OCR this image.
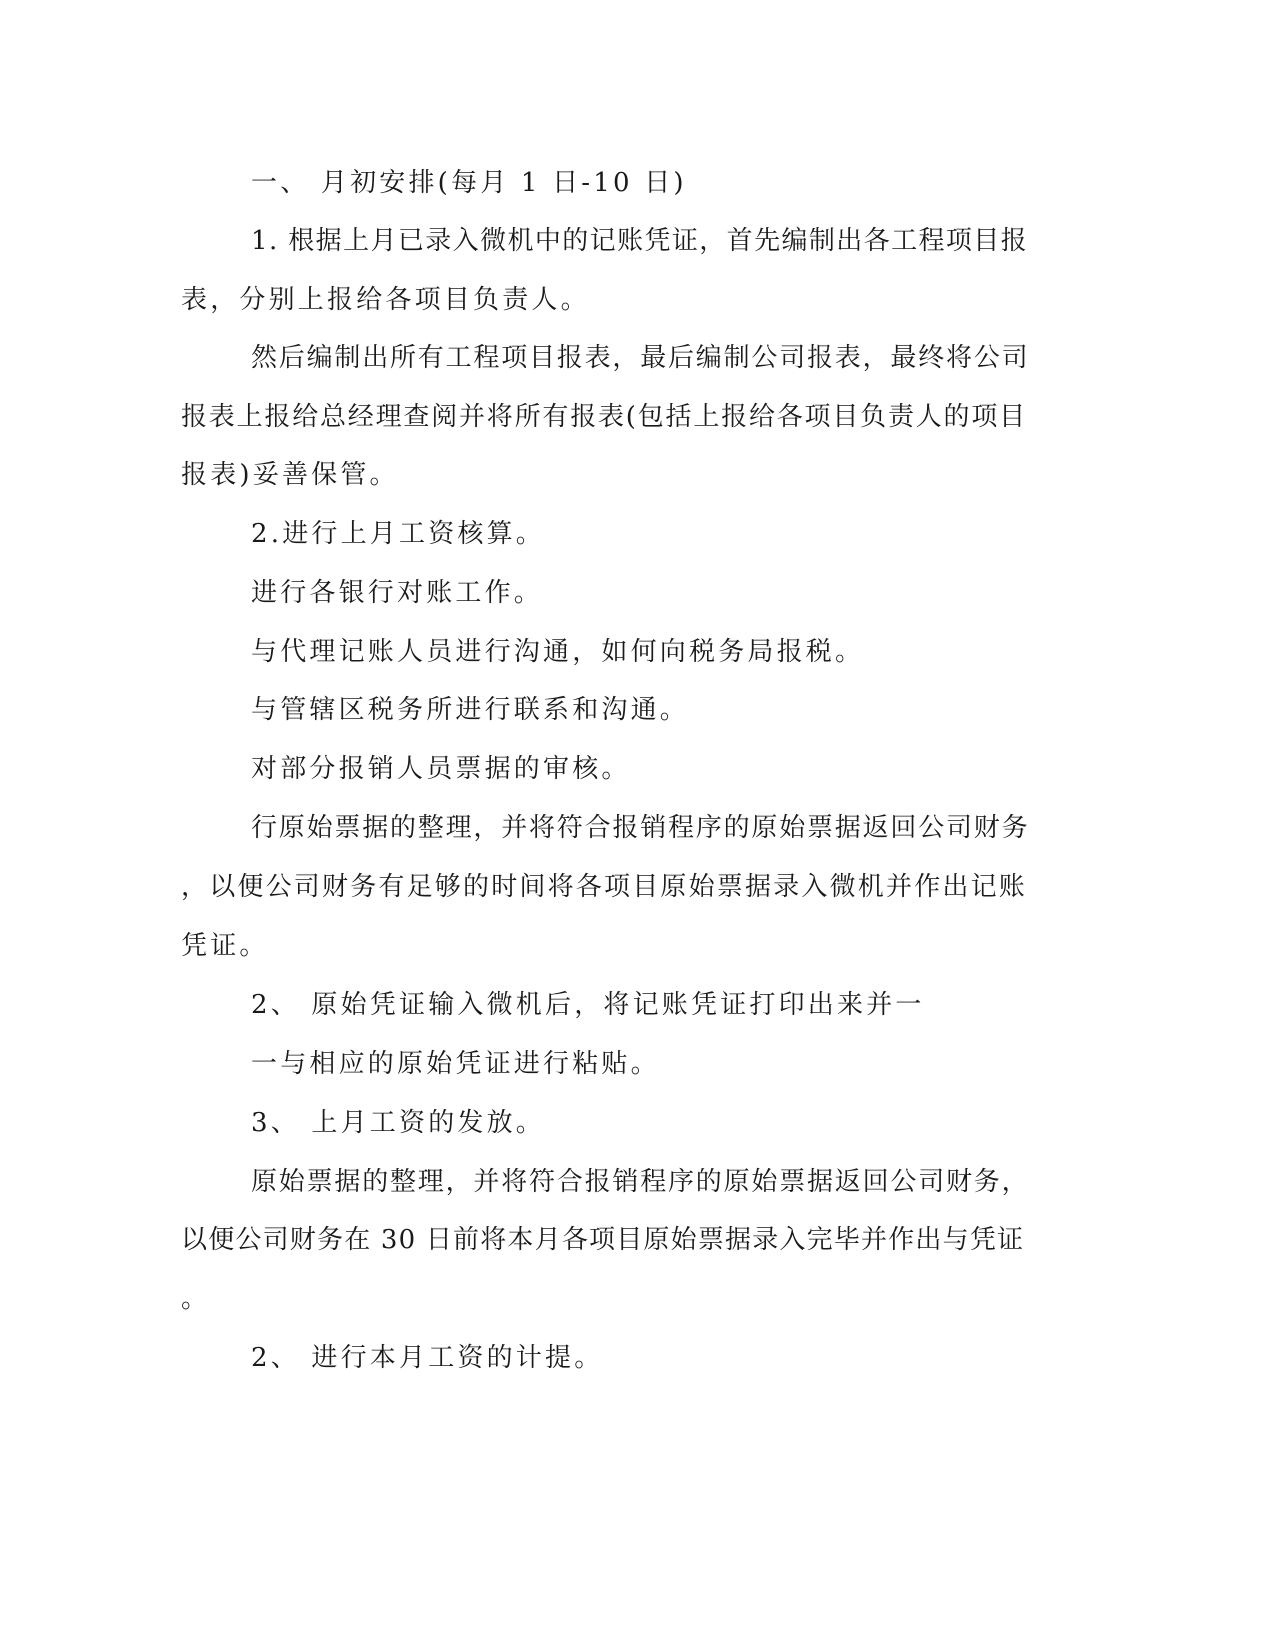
一、 月初安排(每月 1 日-10 日)
1. 根据上月已录入微机中的记账凭证，首先编制出各工程项目报
表，分别上报给各项目负责人。
然后编制出所有工程项目报表，最后编制公司报表，最终将公司
报表上报给总经理查阅并将所有报表(包括上报给各项目负责人的项目
报表)妥善保管。
2.进行上月工资核算。
进行各银行对账工作。
与代理记账人员进行沟通，如何向税务局报税。
与管辖区税务所进行联系和沟通。
对部分报销人员票据的审核。
行原始票据的整理，并将符合报销程序的原始票据返回公司财务
，以便公司财务有足够的时间将各项目原始票据录入微机并作出记账
凭证。
2、 原始凭证输入微机后，将记账凭证打印出来并一
一与相应的原始凭证进行粘贴。
3、 上月工资的发放。
原始票据的整理，并将符合报销程序的原始票据返回公司财务，
以便公司财务在 30 日前将本月各项目原始票据录入完毕并作出与凭证
。
2、 进行本月工资的计提。
